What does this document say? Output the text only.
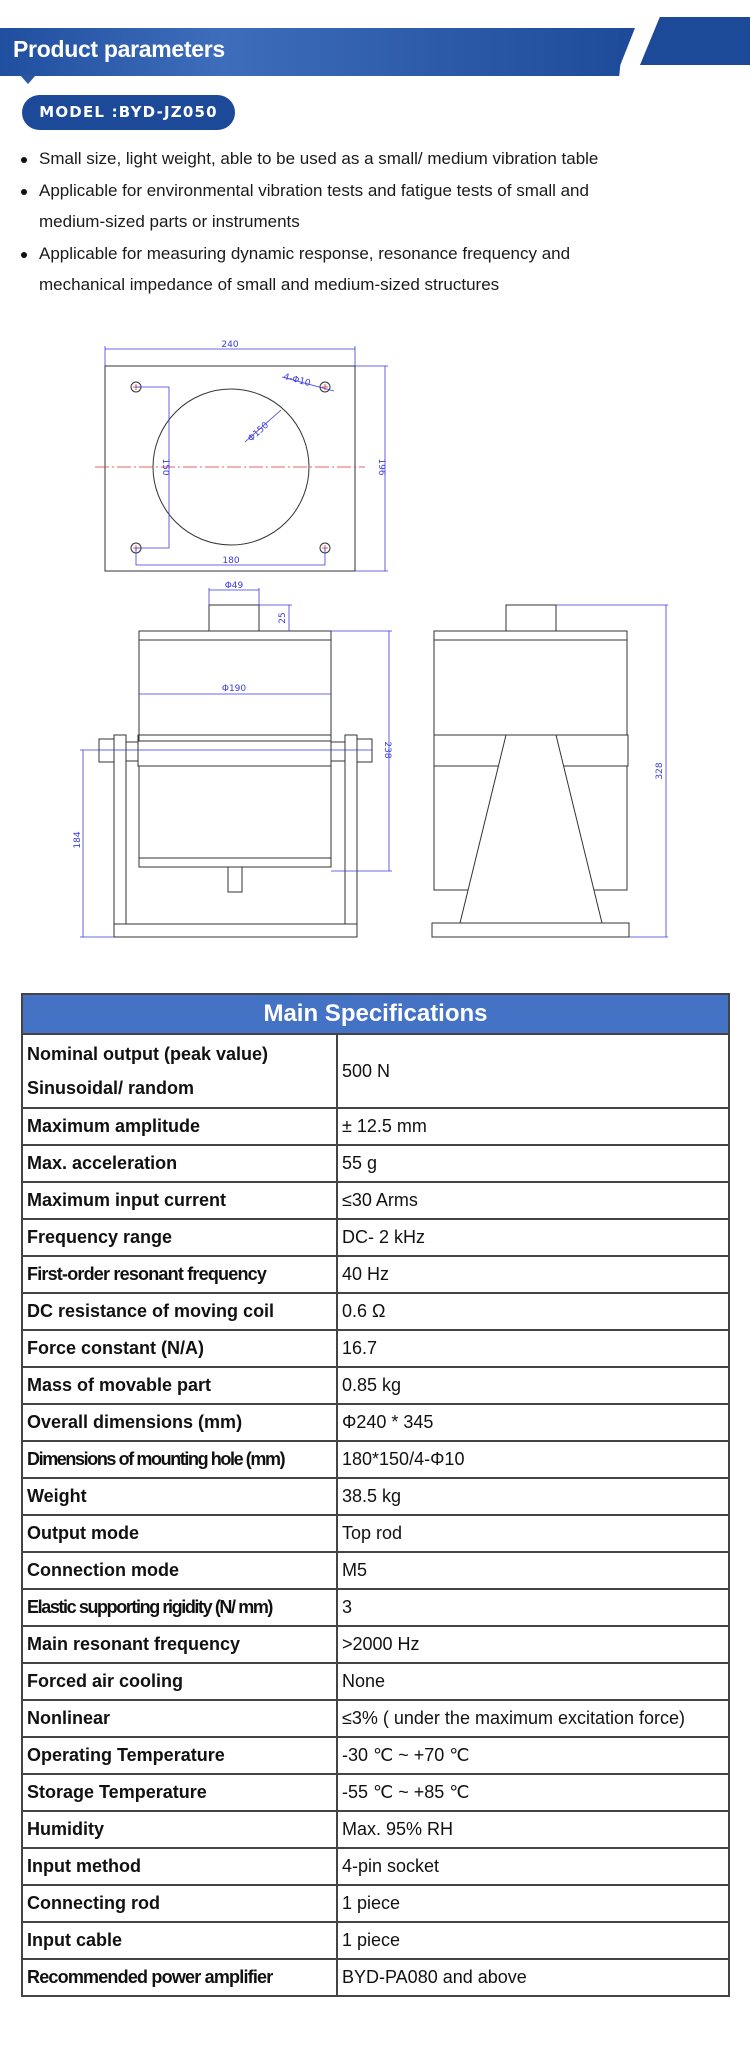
Product parameters
MODEL :BYD-JZ050
Small size, light weight, able to be used as a small/ medium vibration table
Applicable for environmental vibration tests and fatigue tests of small and medium-sized parts or instruments
Applicable for measuring dynamic response, resonance frequency and mechanical impedance of small and medium-sized structures
240
180
4-Φ10
Φ150
150	196
Φ49
25
Φ190
238
184
328
Main Specifications	
Nominal output (peak value)
Sinusoidal/ random	500 N
Maximum amplitude	± 12.5 mm
Max. acceleration	55 g
Maximum input current	≤30 Arms
Frequency range	DC- 2 kHz
First-order resonant frequency	40 Hz
DC resistance of moving coil	0.6 Ω
Force constant (N/A)	16.7
Mass of movable part	0.85 kg
Overall dimensions (mm)	Φ240 * 345
Dimensions of mounting hole (mm)	180*150/4-Φ10
Weight	38.5 kg
Output mode	Top rod
Connection mode	M5
Elastic supporting rigidity (N/ mm)	3
Main resonant frequency	>2000 Hz
Forced air cooling	None
Nonlinear	≤3% ( under the maximum excitation force)
Operating Temperature	-30 ℃ ~ +70 ℃
Storage Temperature	-55 ℃ ~ +85 ℃
Humidity	Max. 95% RH
Input method	4-pin socket
Connecting rod	1 piece
Input cable	1 piece
Recommended power amplifier	BYD-PA080 and above
